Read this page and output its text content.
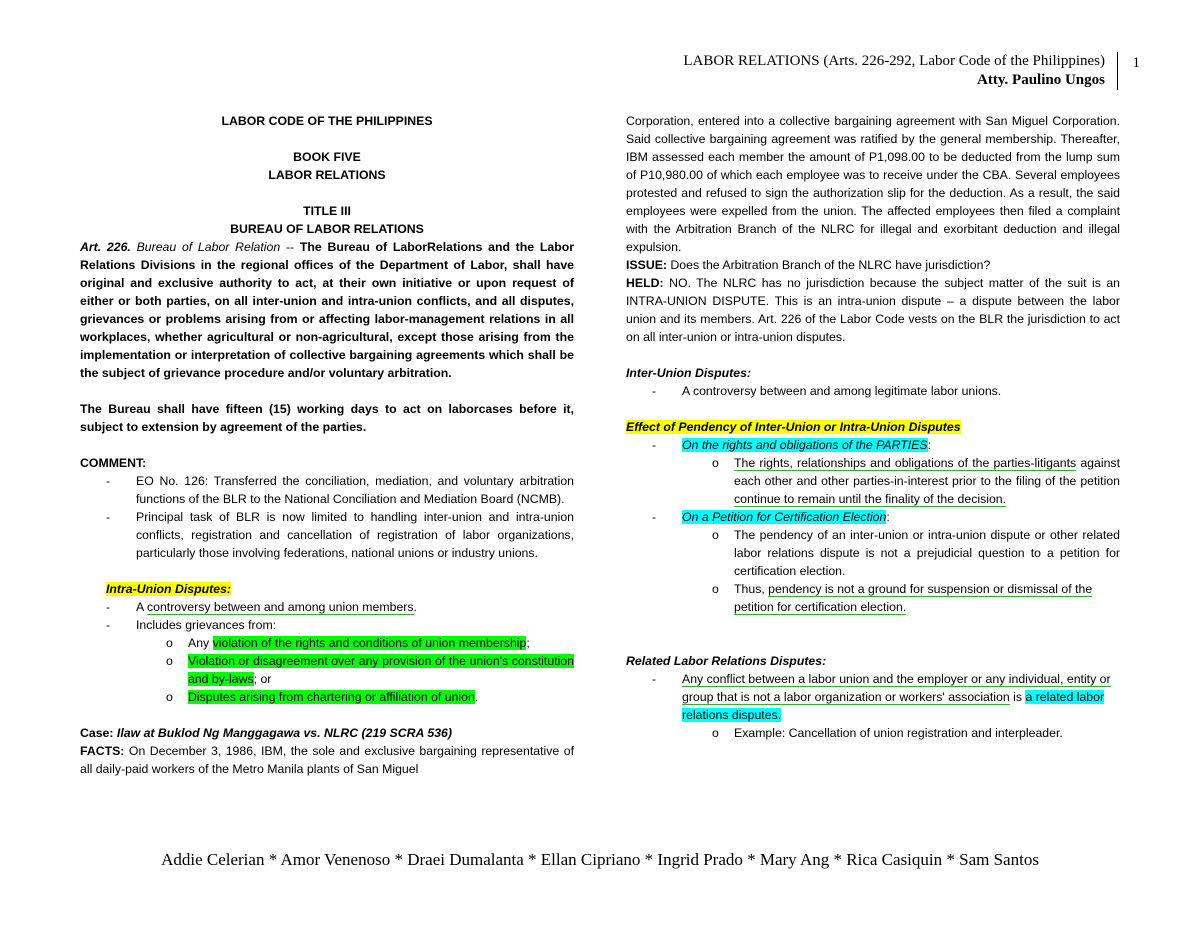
LABOR RELATIONS (Arts. 226-292, Labor Code of the Philippines)
Atty. Paulino Ungos
1
LABOR CODE OF THE PHILIPPINES
BOOK FIVE
LABOR RELATIONS
TITLE III
BUREAU OF LABOR RELATIONS

Art. 226. Bureau of Labor Relation -- The Bureau of LaborRelations and the Labor Relations Divisions in the regional offices of the Department of Labor, shall have original and exclusive authority to act, at their own initiative or upon request of either or both parties, on all inter-union and intra-union conflicts, and all disputes, grievances or problems arising from or affecting labor-management relations in all workplaces, whether agricultural or non-agricultural, except those arising from the implementation or interpretation of collective bargaining agreements which shall be the subject of grievance procedure and/or voluntary arbitration.

The Bureau shall have fifteen (15) working days to act on laborcases before it, subject to extension by agreement of the parties.

COMMENT:
- EO No. 126: Transferred the conciliation, mediation, and voluntary arbitration functions of the BLR to the National Conciliation and Mediation Board (NCMB).
- Principal task of BLR is now limited to handling inter-union and intra-union conflicts, registration and cancellation of registration of labor organizations, particularly those involving federations, national unions or industry unions.
Intra-Union Disputes:
- A controversy between and among union members.
- Includes grievances from:
o Any violation of the rights and conditions of union membership;
o Violation or disagreement over any provision of the union's constitution and by-laws; or
o Disputes arising from chartering or affiliation of union.
Case: Ilaw at Buklod Ng Manggagawa vs. NLRC (219 SCRA 536)

FACTS: On December 3, 1986, IBM, the sole and exclusive bargaining representative of all daily-paid workers of the Metro Manila plants of San Miguel

Corporation, entered into a collective bargaining agreement with San Miguel Corporation. Said collective bargaining agreement was ratified by the general membership. Thereafter, IBM assessed each member the amount of P1,098.00 to be deducted from the lump sum of P10,980.00 of which each employee was to receive under the CBA. Several employees protested and refused to sign the authorization slip for the deduction. As a result, the said employees were expelled from the union. The affected employees then filed a complaint with the Arbitration Branch of the NLRC for illegal and exorbitant deduction and illegal expulsion.

ISSUE: Does the Arbitration Branch of the NLRC have jurisdiction?

HELD: NO. The NLRC has no jurisdiction because the subject matter of the suit is an INTRA-UNION DISPUTE. This is an intra-union dispute – a dispute between the labor union and its members. Art. 226 of the Labor Code vests on the BLR the jurisdiction to act on all inter-union or intra-union disputes.

Inter-Union Disputes:
- A controversy between and among legitimate labor unions.
Effect of Pendency of Inter-Union or Intra-Union Disputes
- On the rights and obligations of the PARTIES:
o The rights, relationships and obligations of the parties-litigants against each other and other parties-in-interest prior to the filing of the petition continue to remain until the finality of the decision.
- On a Petition for Certification Election:
o The pendency of an inter-union or intra-union dispute or other related labor relations dispute is not a prejudicial question to a petition for certification election.
o Thus, pendency is not a ground for suspension or dismissal of the petition for certification election.
Related Labor Relations Disputes:
- Any conflict between a labor union and the employer or any individual, entity or group that is not a labor organization or workers' association is a related labor relations disputes.
o Example: Cancellation of union registration and interpleader.
Addie Celerian * Amor Venenoso * Draei Dumalanta * Ellan Cipriano * Ingrid Prado * Mary Ang * Rica Casiquin * Sam Santos
